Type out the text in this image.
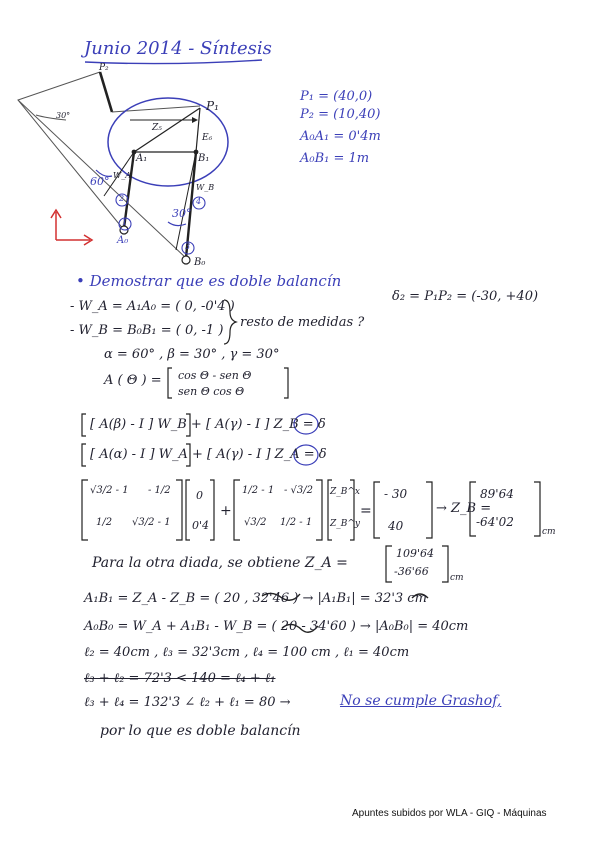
Junio 2014 - Síntesis
P₂
P₁
A₁	B₁
A₀
B₀
Z₅
E₆
W_A
W_B
30°
60°
30°
1
2
3
4
P₁ = (40,0)
P₂ = (10,40)
A₀A₁ = 0'4m
A₀B₁ = 1m
• Demostrar que es doble balancín
δ₂ = P₁P₂ = (-30, +40)
- W_A = A₁A₀ = ( 0, -0'4 )
- W_B = B₀B₁ = ( 0, -1 )
resto de medidas ?
α = 60° , β = 30° , γ = 30°
A ( Θ ) = cos Θ - sen Θ
sen Θ cos Θ
[ A(β) - I ] W_B + [ A(γ) - I ] Z_B = δ
[ A(α) - I ] W_A + [ A(γ) - I ] Z_A = δ
√3/2 - 1 - 1/2
1/2 √3/2 - 1
0
0'4
+
1/2 - 1 - √3/2
√3/2 1/2 - 1
Z_B^x
Z_B^y
=
- 30
40
→ Z_B =
89'64
-64'02
cm
Para la otra diada, se obtiene Z_A =
109'64
-36'66 cm
A₁B₁ = Z_A - Z_B = ( 20 , 32'46 ) → |A₁B₁| = 32'3 cm
A₀B₀ = W_A + A₁B₁ - W_B = ( 20 - 34'60 ) → |A₀B₀| = 40cm
ℓ₂ = 40cm , ℓ₃ = 32'3cm , ℓ₄ = 100 cm , ℓ₁ = 40cm
ℓ₃ + ℓ₂ = 72'3 < 140 = ℓ₄ + ℓ₁
ℓ₃ + ℓ₄ = 132'3 ∠ ℓ₂ + ℓ₁ = 80 →	No se cumple Grashof,
por lo que es doble balancín
Apuntes subidos por WLA - GIQ - Máquinas
